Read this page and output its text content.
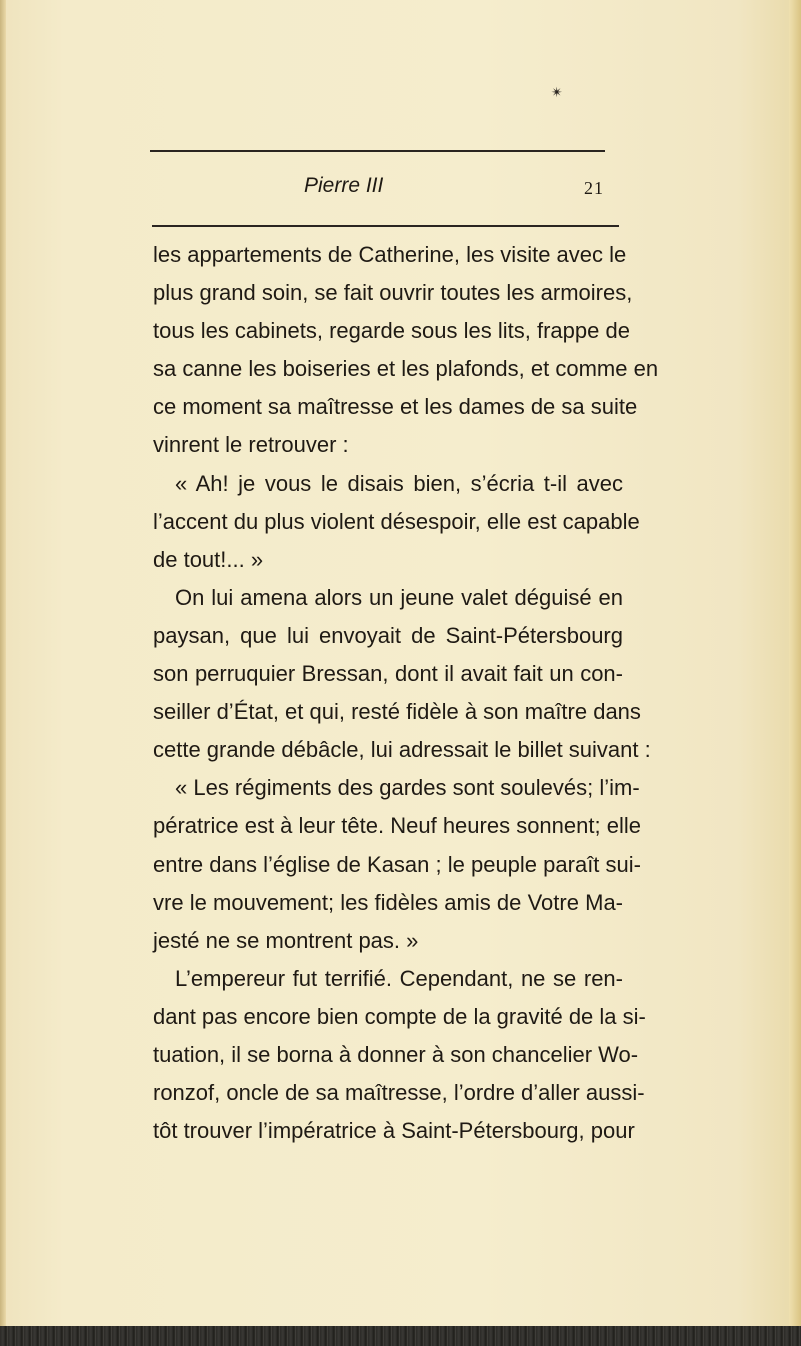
✴
Pierre III	21
les appartements de Catherine, les visite avec le
plus grand soin, se fait ouvrir toutes les armoires,
tous les cabinets, regarde sous les lits, frappe de
sa canne les boiseries et les plafonds, et comme en
ce moment sa maîtresse et les dames de sa suite
vinrent le retrouver :
« Ah! je vous le disais bien, s’écria t-il avec
l’accent du plus violent désespoir, elle est capable
de tout!... »
On lui amena alors un jeune valet déguisé en
paysan, que lui envoyait de Saint-Pétersbourg
son perruquier Bressan, dont il avait fait un con-
seiller d’État, et qui, resté fidèle à son maître dans
cette grande débâcle, lui adressait le billet suivant :
« Les régiments des gardes sont soulevés; l’im-
pératrice est à leur tête. Neuf heures sonnent; elle
entre dans l’église de Kasan ; le peuple paraît sui-
vre le mouvement; les fidèles amis de Votre Ma-
jesté ne se montrent pas. »
L’empereur fut terrifié. Cependant, ne se ren-
dant pas encore bien compte de la gravité de la si-
tuation, il se borna à donner à son chancelier Wo-
ronzof, oncle de sa maîtresse, l’ordre d’aller aussi-
tôt trouver l’impératrice à Saint-Pétersbourg, pour
